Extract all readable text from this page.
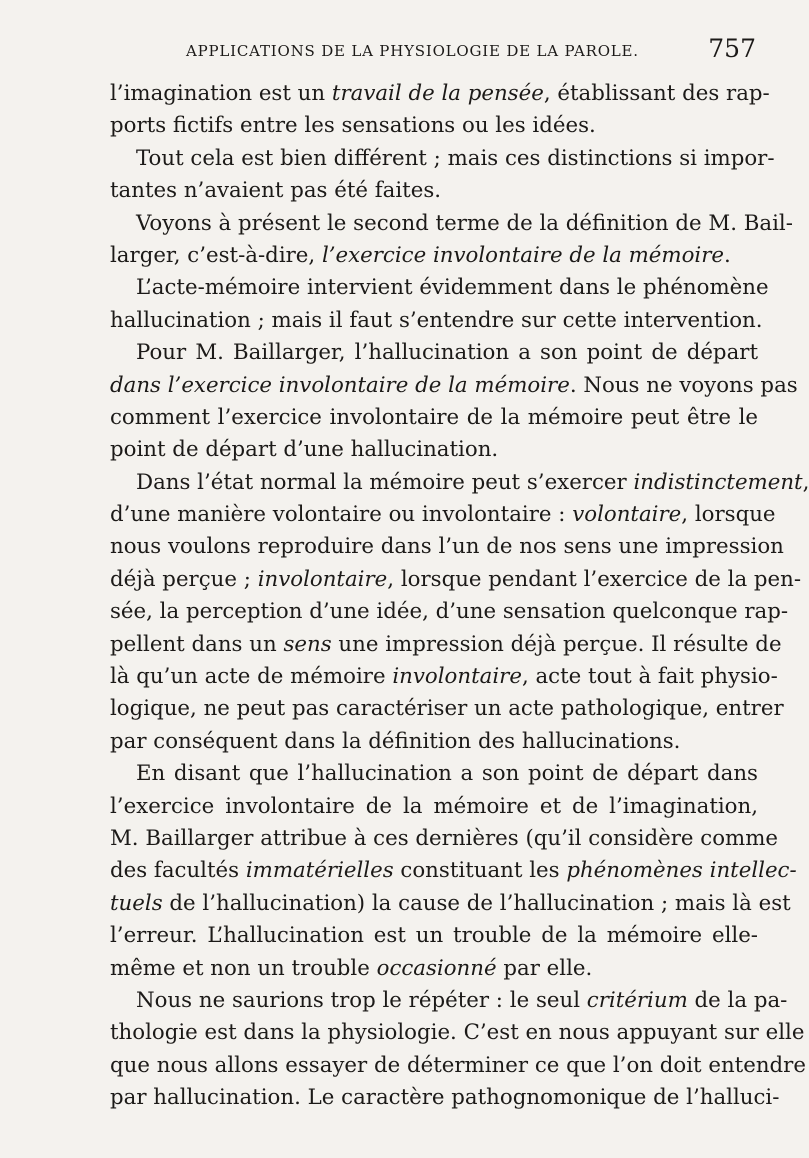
APPLICATIONS DE LA PHYSIOLOGIE DE LA PAROLE.	757
l’imagination est un travail de la pensée, établissant des rap-
ports fictifs entre les sensations ou les idées.
Tout cela est bien différent ; mais ces distinctions si impor-
tantes n’avaient pas été faites.
Voyons à présent le second terme de la définition de M. Bail-
larger, c’est-à-dire, l’exercice involontaire de la mémoire.
L’acte-mémoire intervient évidemment dans le phénomène
hallucination ; mais il faut s’entendre sur cette intervention.
Pour M. Baillarger, l’hallucination a son point de départ
dans l’exercice involontaire de la mémoire. Nous ne voyons pas
comment l’exercice involontaire de la mémoire peut être le
point de départ d’une hallucination.
Dans l’état normal la mémoire peut s’exercer indistinctement,
d’une manière volontaire ou involontaire : volontaire, lorsque
nous voulons reproduire dans l’un de nos sens une impression
déjà perçue ; involontaire, lorsque pendant l’exercice de la pen-
sée, la perception d’une idée, d’une sensation quelconque rap-
pellent dans un sens une impression déjà perçue. Il résulte de
là qu’un acte de mémoire involontaire, acte tout à fait physio-
logique, ne peut pas caractériser un acte pathologique, entrer
par conséquent dans la définition des hallucinations.
En disant que l’hallucination a son point de départ dans
l’exercice involontaire de la mémoire et de l’imagination,
M. Baillarger attribue à ces dernières (qu’il considère comme
des facultés immatérielles constituant les phénomènes intellec-
tuels de l’hallucination) la cause de l’hallucination ; mais là est
l’erreur. L’hallucination est un trouble de la mémoire elle-
même et non un trouble occasionné par elle.
Nous ne saurions trop le répéter : le seul critérium de la pa-
thologie est dans la physiologie. C’est en nous appuyant sur elle
que nous allons essayer de déterminer ce que l’on doit entendre
par hallucination. Le caractère pathognomonique de l’halluci-
